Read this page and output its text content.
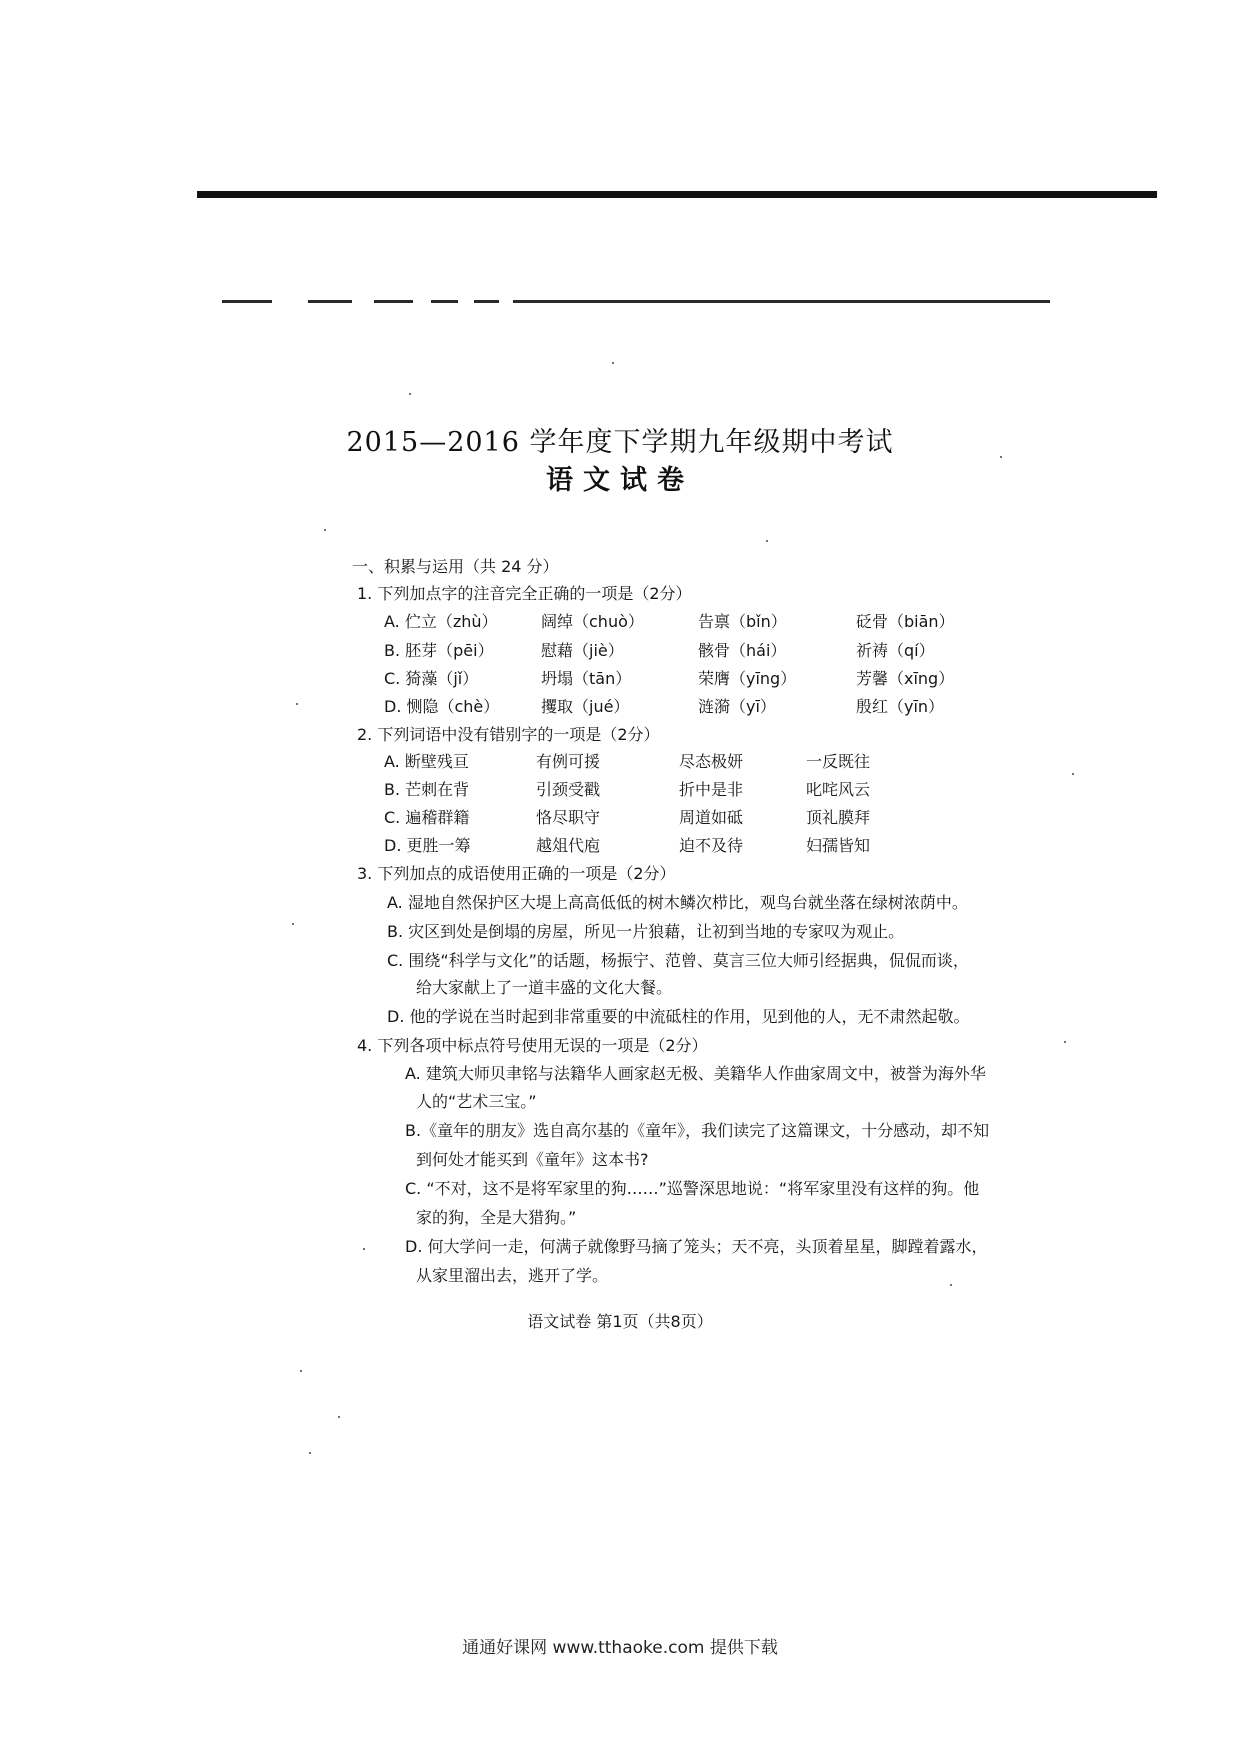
2015—2016 学年度下学期九年级期中考试
语文试卷
一、积累与运用（共 24 分）
1. 下列加点字的注音完全正确的一项是（2分）
A. 伫立（zhù）	阔绰（chuò）	告禀（bǐn）	砭骨（biān）
B. 胚芽（pēi）	慰藉（jiè）	骸骨（hái）	祈祷（qí）
C. 猗藻（jǐ）	坍塌（tān）	荣膺（yīng）	芳馨（xīng）
D. 恻隐（chè）	攫取（jué）	涟漪（yī）	殷红（yīn）
2. 下列词语中没有错别字的一项是（2分）
A. 断壁残亘	有例可援	尽态极妍	一反既往
B. 芒刺在背	引颈受戳	折中是非	叱咤风云
C. 遍稽群籍	恪尽职守	周道如砥	顶礼膜拜
D. 更胜一筹	越俎代庖	迫不及待	妇孺皆知
3. 下列加点的成语使用正确的一项是（2分）
A. 湿地自然保护区大堤上高高低低的树木鳞次栉比，观鸟台就坐落在绿树浓荫中。
B. 灾区到处是倒塌的房屋，所见一片狼藉，让初到当地的专家叹为观止。
C. 围绕“科学与文化”的话题，杨振宁、范曾、莫言三位大师引经据典，侃侃而谈，
给大家献上了一道丰盛的文化大餐。
D. 他的学说在当时起到非常重要的中流砥柱的作用，见到他的人，无不肃然起敬。
4. 下列各项中标点符号使用无误的一项是（2分）
A. 建筑大师贝聿铭与法籍华人画家赵无极、美籍华人作曲家周文中，被誉为海外华
人的“艺术三宝。”
B.《童年的朋友》选自高尔基的《童年》，我们读完了这篇课文，十分感动，却不知
到何处才能买到《童年》这本书?
C. “不对，这不是将军家里的狗……”巡警深思地说：“将军家里没有这样的狗。他
家的狗，全是大猎狗。”
D. 何大学问一走，何满子就像野马摘了笼头；天不亮，头顶着星星，脚蹚着露水，
从家里溜出去，逃开了学。
语文试卷 第1页（共8页）
通通好课网 www.tthaoke.com 提供下载
